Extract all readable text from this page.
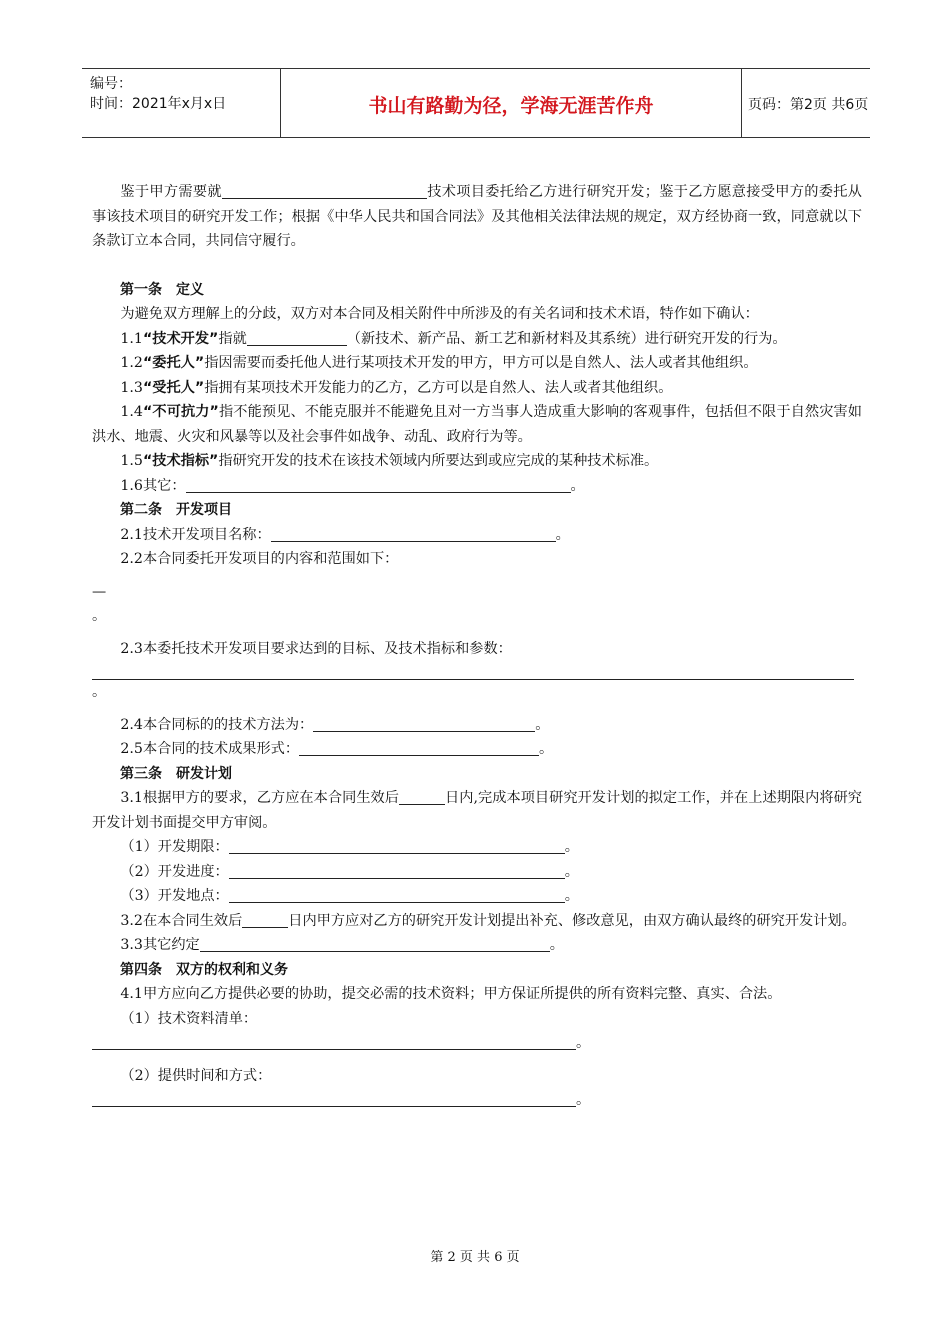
编号：
时间：2021年x月x日	书山有路勤为径，学海无涯苦作舟	页码：第2页 共6页

鉴于甲方需要就	技术项目委托给乙方进行研究开发；鉴于乙方愿意接受甲方的委托从事该技术项目的研究开发工作；根据《中华人民共和国合同法》及其他相关法律法规的规定，双方经协商一致，同意就以下条款订立本合同，共同信守履行。

第一条　定义

为避免双方理解上的分歧，双方对本合同及相关附件中所涉及的有关名词和技术术语，特作如下确认：

1.1“技术开发”指就	（新技术、新产品、新工艺和新材料及其系统）进行研究开发的行为。

1.2“委托人”指因需要而委托他人进行某项技术开发的甲方，甲方可以是自然人、法人或者其他组织。

1.3“受托人”指拥有某项技术开发能力的乙方，乙方可以是自然人、法人或者其他组织。

1.4“不可抗力”指不能预见、不能克服并不能避免且对一方当事人造成重大影响的客观事件，包括但不限于自然灾害如洪水、地震、火灾和风暴等以及社会事件如战争、动乱、政府行为等。

1.5“技术指标”指研究开发的技术在该技术领域内所要达到或应完成的某种技术标准。

1.6其它：	。

第二条　开发项目

2.1技术开发项目名称：	。

2.2本合同委托开发项目的内容和范围如下：

—

。

2.3本委托技术开发项目要求达到的目标、及技术指标和参数：

。

2.4本合同标的的技术方法为：	。

2.5本合同的技术成果形式：	。

第三条　研发计划

3.1根据甲方的要求，乙方应在本合同生效后	日内,完成本项目研究开发计划的拟定工作，并在上述期限内将研究开发计划书面提交甲方审阅。

（1）开发期限：	。

（2）开发进度：	。

（3）开发地点：	。

3.2在本合同生效后	日内甲方应对乙方的研究开发计划提出补充、修改意见，由双方确认最终的研究开发计划。

3.3其它约定	。

第四条　双方的权利和义务

4.1甲方应向乙方提供必要的协助，提交必需的技术资料；甲方保证所提供的所有资料完整、真实、合法。

（1）技术资料清单：

。

（2）提供时间和方式：

。

第 2 页 共 6 页
